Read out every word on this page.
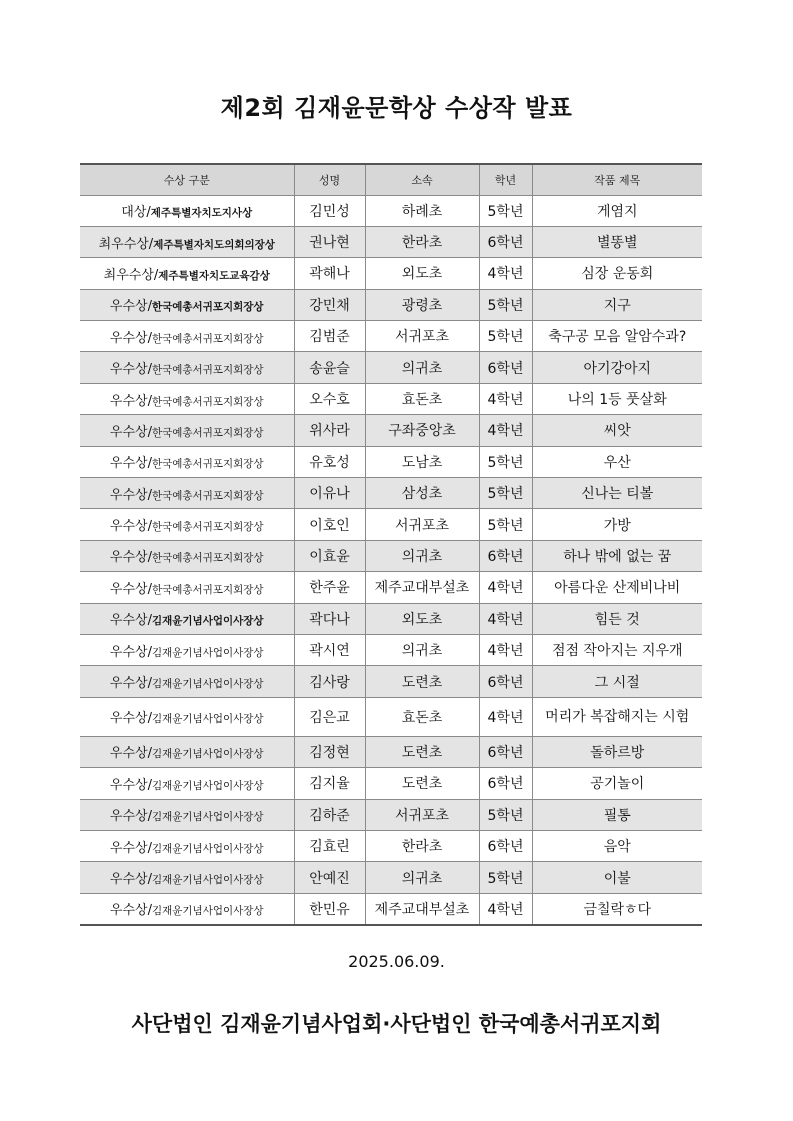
제2회 김재윤문학상 수상작 발표
수상 구분	성명	소속	학년	작품 제목
대상/제주특별자치도지사상	김민성	하례초	5학년	게염지
최우수상/제주특별자치도의회의장상	권나현	한라초	6학년	별똥별
최우수상/제주특별자치도교육감상	곽해나	외도초	4학년	심장 운동회
우수상/한국예총서귀포지회장상	강민채	광령초	5학년	지구
우수상/한국예총서귀포지회장상	김범준	서귀포초	5학년	축구공 모음 알암수과?
우수상/한국예총서귀포지회장상	송윤슬	의귀초	6학년	아기강아지
우수상/한국예총서귀포지회장상	오수호	효돈초	4학년	나의 1등 풋살화
우수상/한국예총서귀포지회장상	위사라	구좌중앙초	4학년	씨앗
우수상/한국예총서귀포지회장상	유호성	도남초	5학년	우산
우수상/한국예총서귀포지회장상	이유나	삼성초	5학년	신나는 티볼
우수상/한국예총서귀포지회장상	이호인	서귀포초	5학년	가방
우수상/한국예총서귀포지회장상	이효윤	의귀초	6학년	하나 밖에 없는 꿈
우수상/한국예총서귀포지회장상	한주윤	제주교대부설초	4학년	아름다운 산제비나비
우수상/김재윤기념사업이사장상	곽다나	외도초	4학년	힘든 것
우수상/김재윤기념사업이사장상	곽시연	의귀초	4학년	점점 작아지는 지우개
우수상/김재윤기념사업이사장상	김사랑	도련초	6학년	그 시절
우수상/김재윤기념사업이사장상	김은교	효돈초	4학년	머리가 복잡해지는 시험
우수상/김재윤기념사업이사장상	김정현	도련초	6학년	돌하르방
우수상/김재윤기념사업이사장상	김지율	도련초	6학년	공기놀이
우수상/김재윤기념사업이사장상	김하준	서귀포초	5학년	필통
우수상/김재윤기념사업이사장상	김효린	한라초	6학년	음악
우수상/김재윤기념사업이사장상	안예진	의귀초	5학년	이불
우수상/김재윤기념사업이사장상	한민유	제주교대부설초	4학년	금칠락ㅎ다
2025.06.09.
사단법인 김재윤기념사업회·사단법인 한국예총서귀포지회
